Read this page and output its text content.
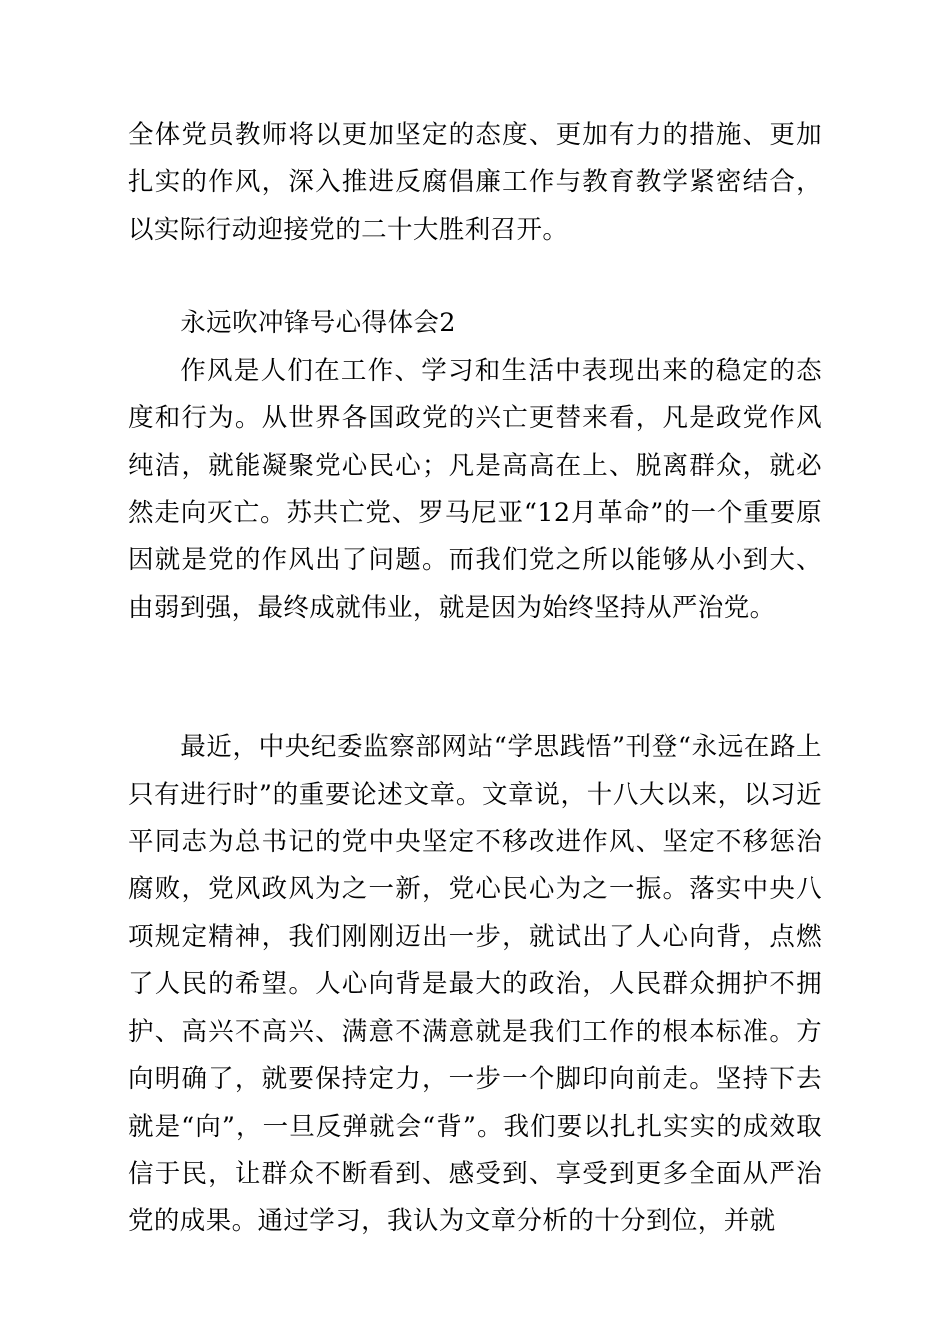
全体党员教师将以更加坚定的态度、更加有力的措施、更加扎实的作风，深入推进反腐倡廉工作与教育教学紧密结合，以实际行动迎接党的二十大胜利召开。

永远吹冲锋号心得体会2

作风是人们在工作、学习和生活中表现出来的稳定的态度和行为。从世界各国政党的兴亡更替来看，凡是政党作风纯洁，就能凝聚党心民心；凡是高高在上、脱离群众，就必然走向灭亡。苏共亡党、罗马尼亚“12月革命”的一个重要原因就是党的作风出了问题。而我们党之所以能够从小到大、由弱到强，最终成就伟业，就是因为始终坚持从严治党。

最近，中央纪委监察部网站“学思践悟”刊登“永远在路上 只有进行时”的重要论述文章。文章说，十八大以来，以习近平同志为总书记的党中央坚定不移改进作风、坚定不移惩治腐败，党风政风为之一新，党心民心为之一振。落实中央八项规定精神，我们刚刚迈出一步，就试出了人心向背，点燃了人民的希望。人心向背是最大的政治，人民群众拥护不拥护、高兴不高兴、满意不满意就是我们工作的根本标准。方向明确了，就要保持定力，一步一个脚印向前走。坚持下去就是“向”，一旦反弹就会“背”。我们要以扎扎实实的成效取信于民，让群众不断看到、感受到、享受到更多全面从严治党的成果。通过学习，我认为文章分析的十分到位，并就
